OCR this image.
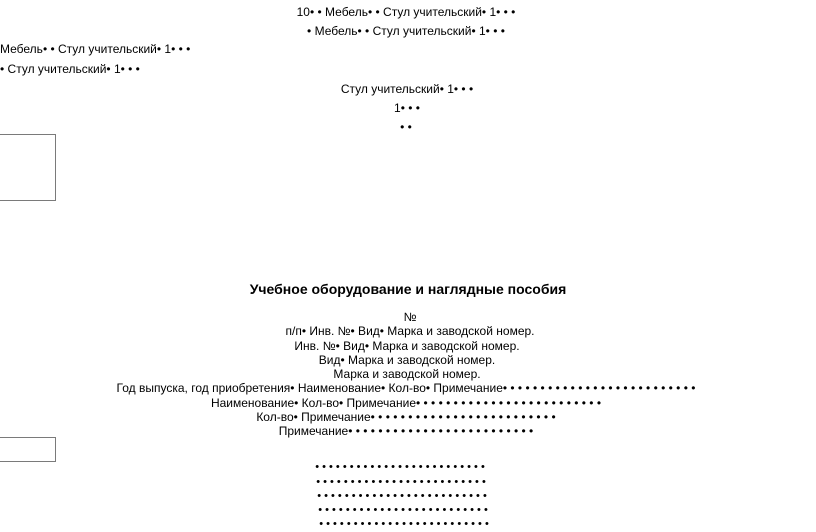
10• • Мебель• • Стул учительский• 1• • •
• Мебель• • Стул учительский• 1• • •
Мебель• • Стул учительский• 1• • •
• Стул учительский• 1• • •
Стул учительский• 1• • •
1• • •
• •
Учебное оборудование и наглядные пособия
№
п/п• Инв. №• Вид• Марка и заводской номер.
Инв. №• Вид• Марка и заводской номер.
Вид• Марка и заводской номер.
Марка и заводской номер.
Год выпуска, год приобретения• Наименование• Кол-во• Примечание• • • • • • • • • • • • • • • • • • • • • • • • • •
Наименование• Кол-во• Примечание• • • • • • • • • • • • • • • • • • • • • • • • •
Кол-во• Примечание• • • • • • • • • • • • • • • • • • • • • • • • •
Примечание• • • • • • • • • • • • • • • • • • • • • • • • •
• • • • • • • • • • • • • • • • • • • • • • • • •
• • • • • • • • • • • • • • • • • • • • • • • • •
• • • • • • • • • • • • • • • • • • • • • • • • •
• • • • • • • • • • • • • • • • • • • • • • • • •
• • • • • • • • • • • • • • • • • • • • • • • • •
